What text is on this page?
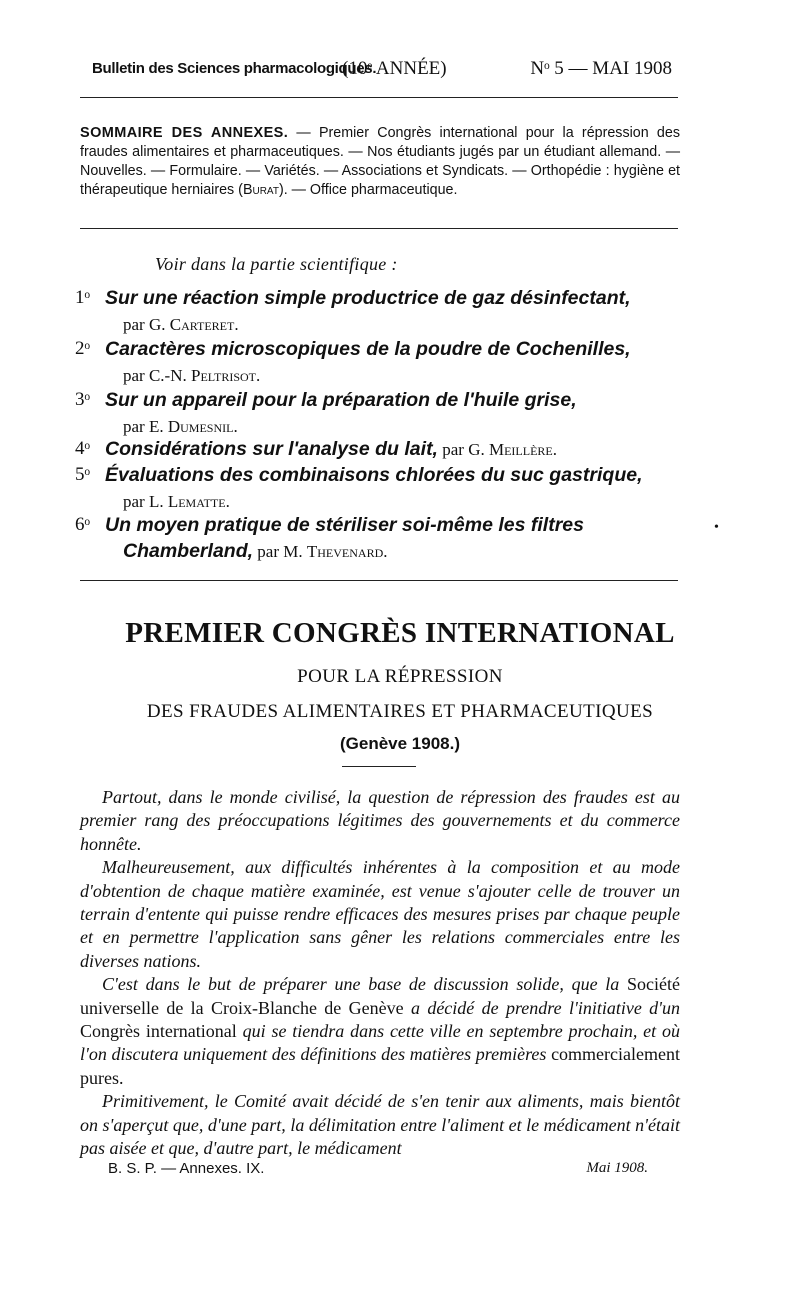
Bulletin des Sciences pharmacologiques.
(10ᵉ ANNÉE)	Nᵒ 5 — MAI 1908
SOMMAIRE DES ANNEXES. — Premier Congrès international pour la répression des fraudes alimentaires et pharmaceutiques. — Nos étudiants jugés par un étudiant allemand. — Nouvelles. — Formulaire. — Variétés. — Associations et Syndicats. — Orthopédie : hygiène et thérapeutique herniaires (Burat). — Office pharmaceutique.
Voir dans la partie scientifique :
1ᵒ Sur une réaction simple productrice de gaz désinfectant,
par G. Carteret.
2ᵒ Caractères microscopiques de la poudre de Cochenilles,
par C.-N. Peltrisot.
3ᵒ Sur un appareil pour la préparation de l'huile grise,
par E. Dumesnil.
4ᵒ Considérations sur l'analyse du lait, par G. Meillère.
5ᵒ Évaluations des combinaisons chlorées du suc gastrique,
par L. Lematte.
6ᵒ Un moyen pratique de stériliser soi-même les filtres
Chamberland, par M. Thevenard.
•
PREMIER CONGRÈS INTERNATIONAL
POUR LA RÉPRESSION
DES FRAUDES ALIMENTAIRES ET PHARMACEUTIQUES
(Genève 1908.)

Partout, dans le monde civilisé, la question de répression des fraudes est au premier rang des préoccupations légitimes des gouvernements et du commerce honnête.

Malheureusement, aux difficultés inhérentes à la composition et au mode d'obtention de chaque matière examinée, est venue s'ajouter celle de trouver un terrain d'entente qui puisse rendre efficaces des mesures prises par chaque peuple et en permettre l'application sans gêner les relations commerciales entre les diverses nations.

C'est dans le but de préparer une base de discussion solide, que la Société universelle de la Croix-Blanche de Genève a décidé de prendre l'initiative d'un Congrès international qui se tiendra dans cette ville en septembre prochain, et où l'on discutera uniquement des définitions des matières premières commercialement pures.

Primitivement, le Comité avait décidé de s'en tenir aux aliments, mais bientôt on s'aperçut que, d'une part, la délimitation entre l'aliment et le médicament n'était pas aisée et que, d'autre part, le médicament

B. S. P. — Annexes. IX.	Mai 1908.
